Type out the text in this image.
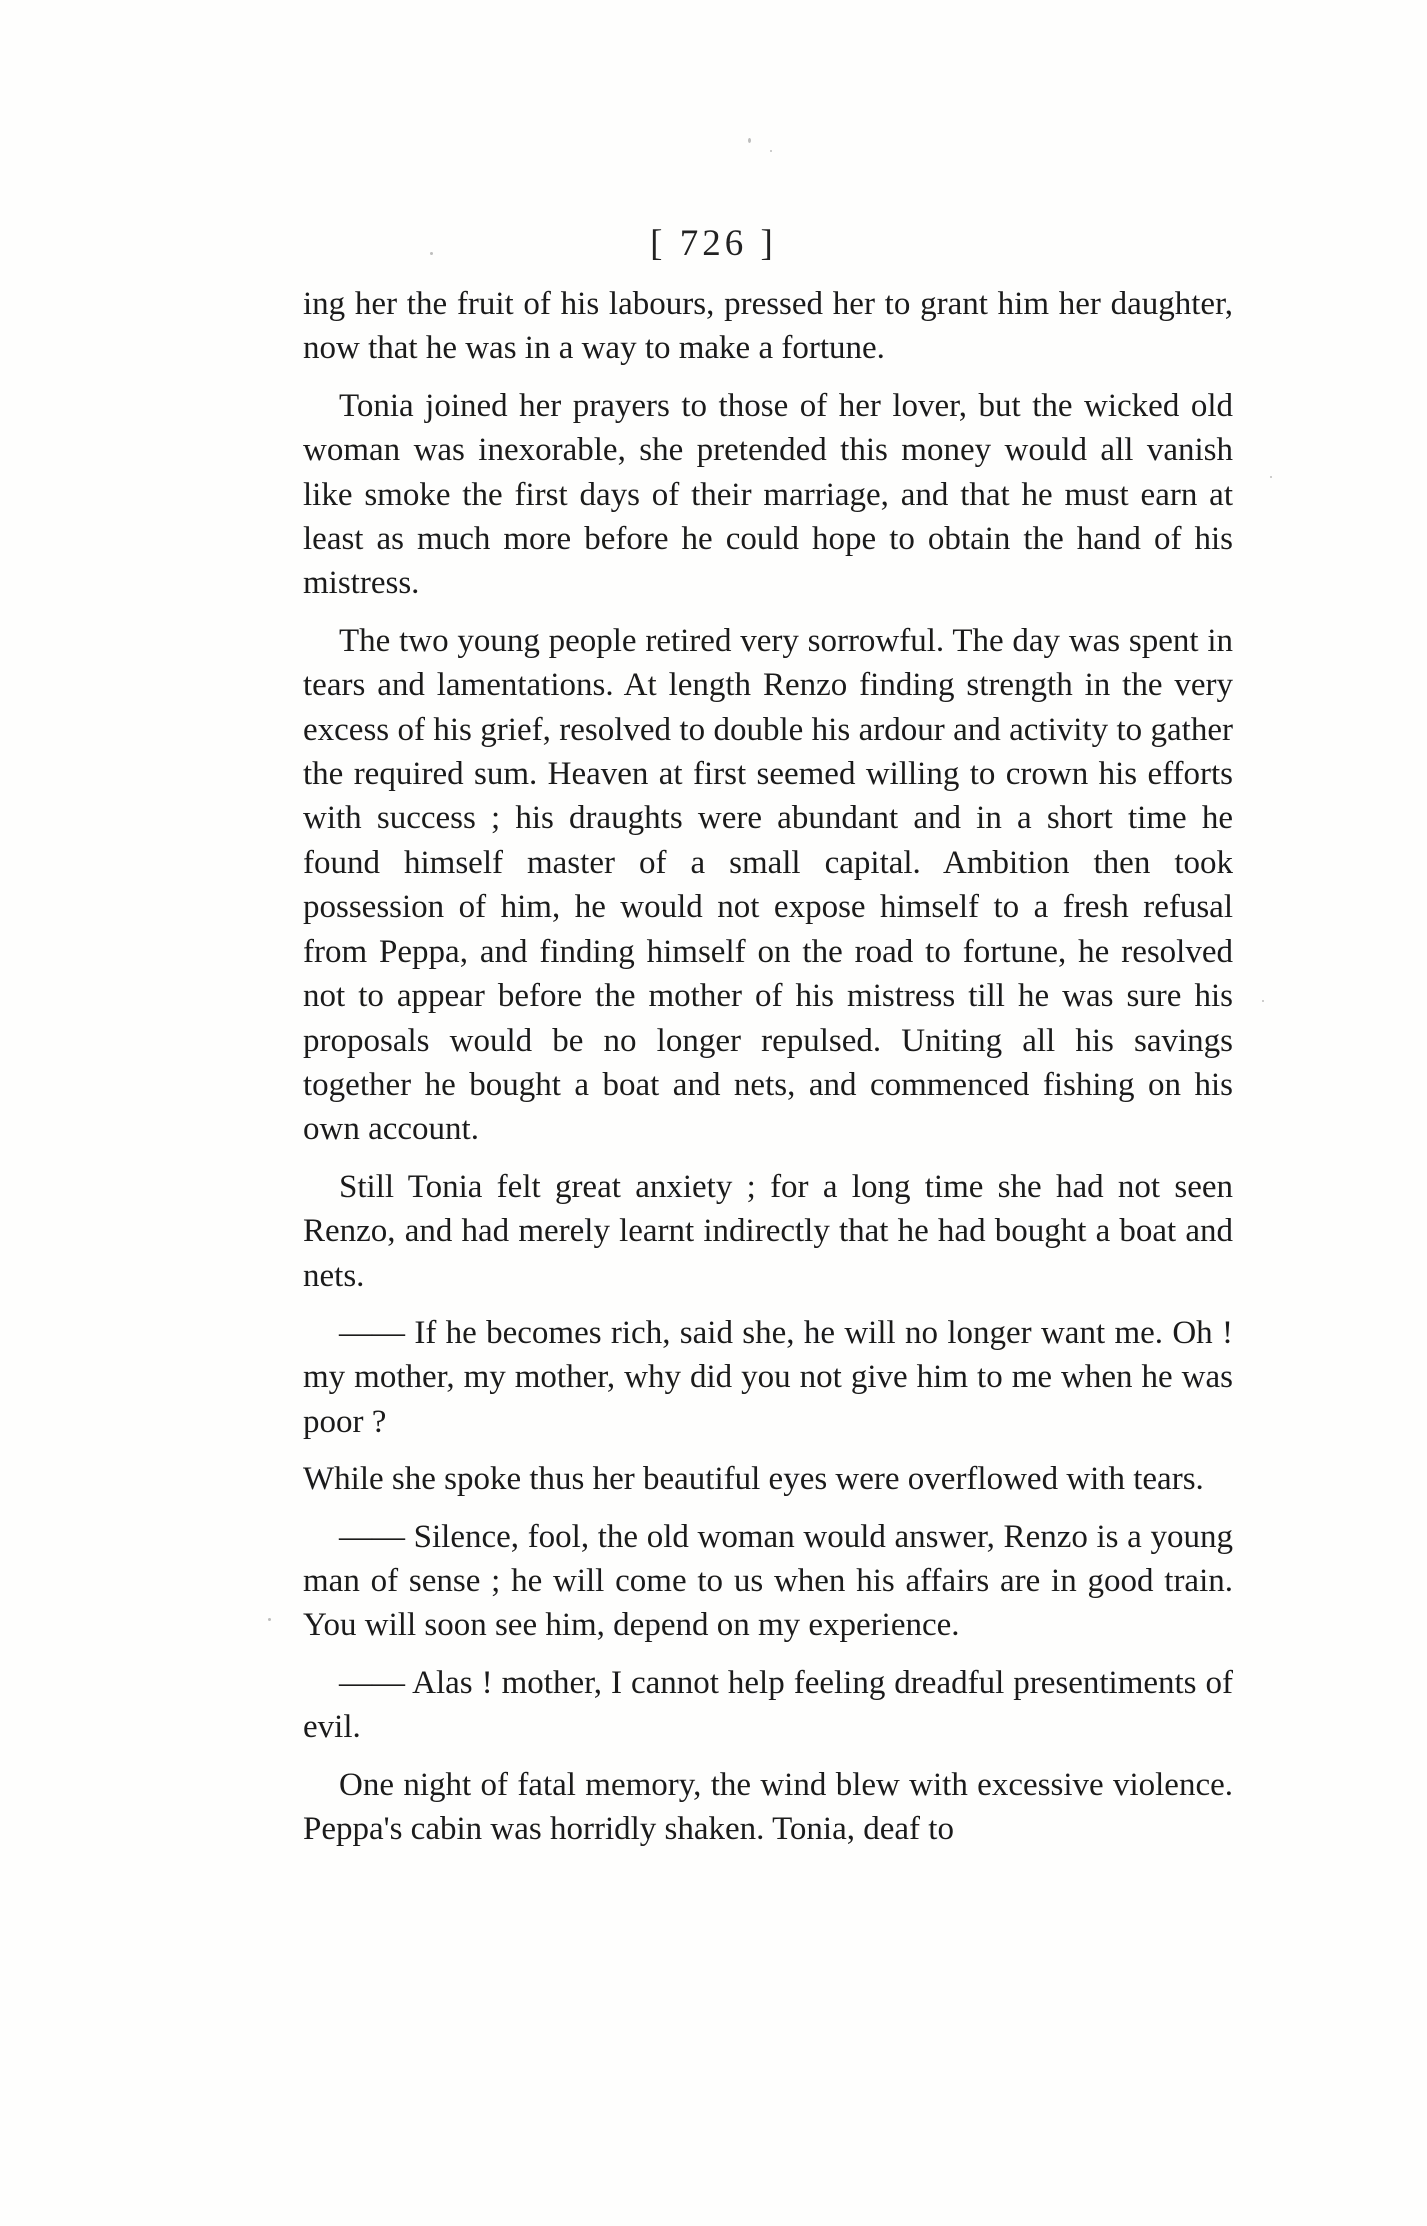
[ 726 ]

ing her the fruit of his labours, pressed her to grant him her daughter, now that he was in a way to make a fortune.

Tonia joined her prayers to those of her lover, but the wicked old woman was inexorable, she pretended this money would all vanish like smoke the first days of their marriage, and that he must earn at least as much more before he could hope to obtain the hand of his mistress.

The two young people retired very sorrowful. The day was spent in tears and lamentations. At length Renzo finding strength in the very excess of his grief, resolved to double his ardour and activity to gather the required sum. Heaven at first seemed willing to crown his efforts with success ; his draughts were abundant and in a short time he found himself master of a small capital. Ambition then took possession of him, he would not expose himself to a fresh refusal from Peppa, and finding himself on the road to fortune, he resolved not to appear before the mother of his mistress till he was sure his proposals would be no longer repulsed. Uniting all his savings together he bought a boat and nets, and commenced fishing on his own account.

Still Tonia felt great anxiety ; for a long time she had not seen Renzo, and had merely learnt indirectly that he had bought a boat and nets.

—— If he becomes rich, said she, he will no longer want me. Oh ! my mother, my mother, why did you not give him to me when he was poor ?

While she spoke thus her beautiful eyes were overflowed with tears.

—— Silence, fool, the old woman would answer, Renzo is a young man of sense ; he will come to us when his affairs are in good train. You will soon see him, depend on my experience.

—— Alas ! mother, I cannot help feeling dreadful presentiments of evil.

One night of fatal memory, the wind blew with excessive violence. Peppa's cabin was horridly shaken. Tonia, deaf to
